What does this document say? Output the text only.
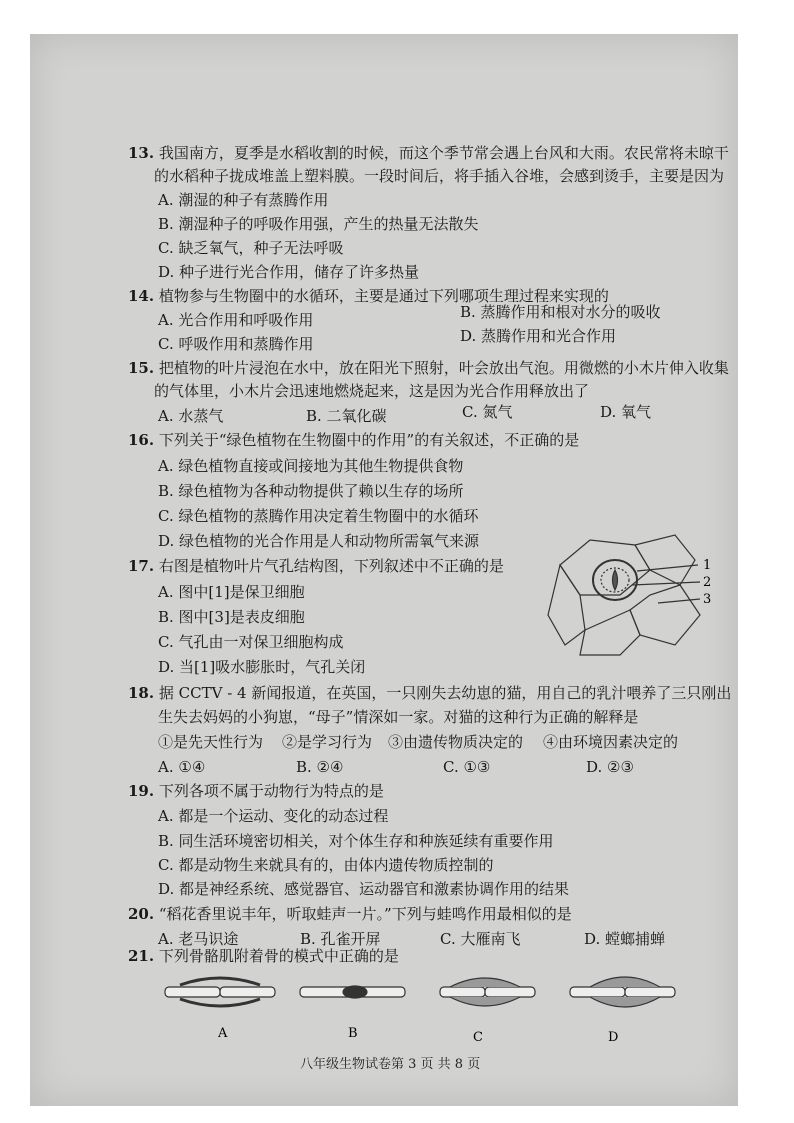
13. 我国南方，夏季是水稻收割的时候，而这个季节常会遇上台风和大雨。农民常将未晾干
的水稻种子拢成堆盖上塑料膜。一段时间后，将手插入谷堆，会感到烫手，主要是因为
A. 潮湿的种子有蒸腾作用
B. 潮湿种子的呼吸作用强，产生的热量无法散失
C. 缺乏氧气，种子无法呼吸
D. 种子进行光合作用，储存了许多热量
14. 植物参与生物圈中的水循环，主要是通过下列哪项生理过程来实现的
A. 光合作用和呼吸作用	B. 蒸腾作用和根对水分的吸收
C. 呼吸作用和蒸腾作用	D. 蒸腾作用和光合作用
15. 把植物的叶片浸泡在水中，放在阳光下照射，叶会放出气泡。用微燃的小木片伸入收集
的气体里，小木片会迅速地燃烧起来，这是因为光合作用释放出了
A. 水蒸气	B. 二氧化碳	C. 氮气	D. 氧气
16. 下列关于“绿色植物在生物圈中的作用”的有关叙述，不正确的是
A. 绿色植物直接或间接地为其他生物提供食物
B. 绿色植物为各种动物提供了赖以生存的场所
C. 绿色植物的蒸腾作用决定着生物圈中的水循环
D. 绿色植物的光合作用是人和动物所需氧气来源
17. 右图是植物叶片气孔结构图，下列叙述中不正确的是
A. 图中[1]是保卫细胞
B. 图中[3]是表皮细胞
C. 气孔由一对保卫细胞构成
D. 当[1]吸水膨胀时，气孔关闭
1
2
3
18. 据 CCTV - 4 新闻报道，在英国，一只刚失去幼崽的猫，用自己的乳汁喂养了三只刚出
生失去妈妈的小狗崽，“母子”情深如一家。对猫的这种行为正确的解释是
①是先天性行为 ②是学习行为 ③由遗传物质决定的 ④由环境因素决定的
A. ①④	B. ②④	C. ①③	D. ②③
19. 下列各项不属于动物行为特点的是
A. 都是一个运动、变化的动态过程
B. 同生活环境密切相关，对个体生存和种族延续有重要作用
C. 都是动物生来就具有的，由体内遗传物质控制的
D. 都是神经系统、感觉器官、运动器官和激素协调作用的结果
20. “稻花香里说丰年，听取蛙声一片。”下列与蛙鸣作用最相似的是
A. 老马识途	B. 孔雀开屏	C. 大雁南飞	D. 螳螂捕蝉
21. 下列骨骼肌附着骨的模式中正确的是
A	B	C	D
八年级生物试卷第 3 页 共 8 页
